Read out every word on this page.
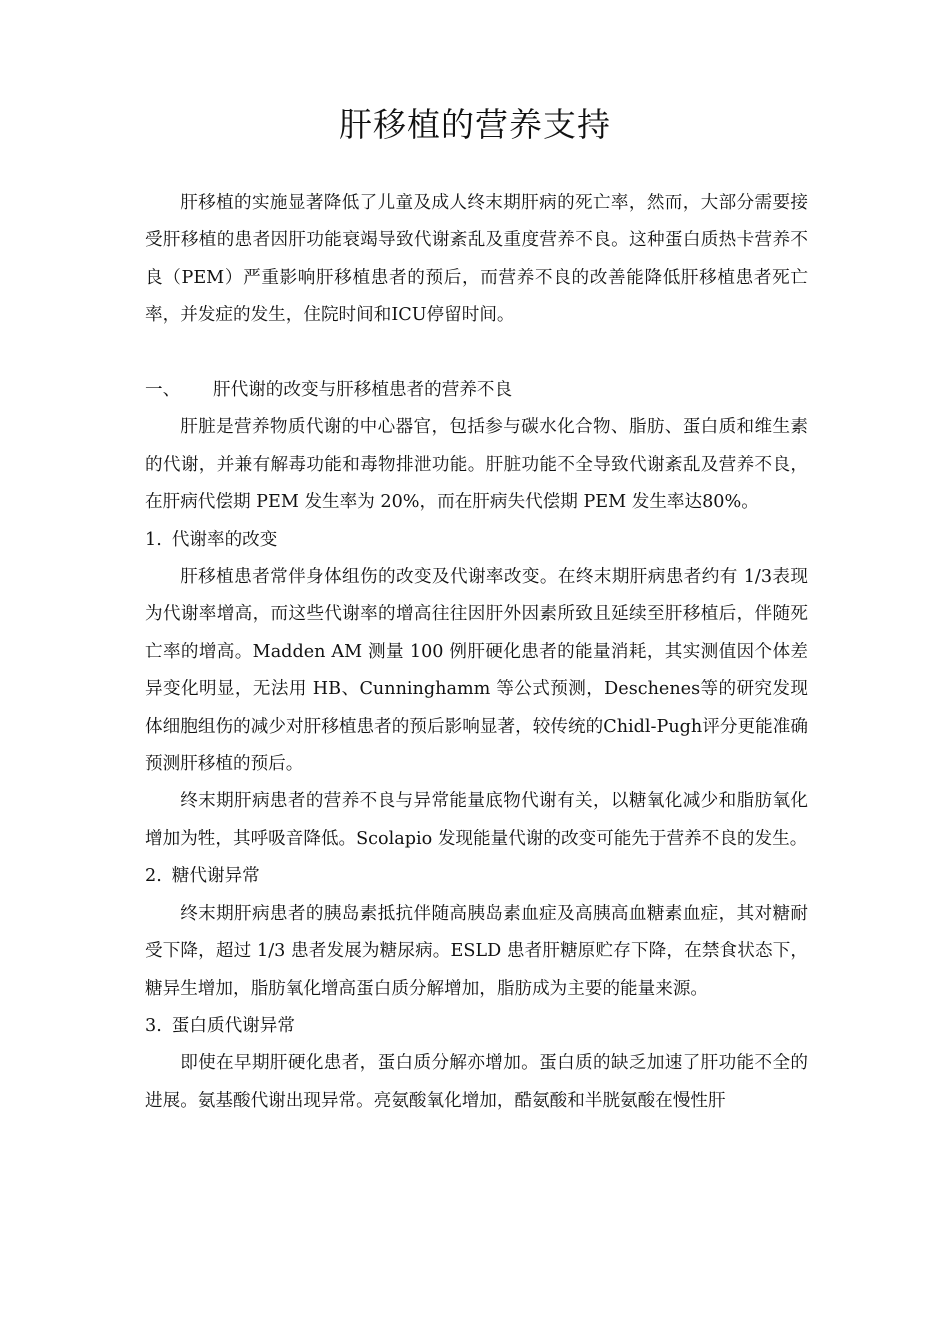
肝移植的营养支持

肝移植的实施显著降低了儿童及成人终末期肝病的死亡率，然而，大部分需要接受肝移植的患者因肝功能衰竭导致代谢紊乱及重度营养不良。这种蛋白质热卡营养不良（PEM）严重影响肝移植患者的预后，而营养不良的改善能降低肝移植患者死亡率，并发症的发生，住院时间和ICU停留时间。

一、 肝代谢的改变与肝移植患者的营养不良

肝脏是营养物质代谢的中心器官，包括参与碳水化合物、脂肪、蛋白质和维生素的代谢，并兼有解毒功能和毒物排泄功能。肝脏功能不全导致代谢紊乱及营养不良，在肝病代偿期 PEM 发生率为 20%，而在肝病失代偿期 PEM 发生率达80%。

1. 代谢率的改变

肝移植患者常伴身体组伤的改变及代谢率改变。在终末期肝病患者约有 1/3表现为代谢率增高，而这些代谢率的增高往往因肝外因素所致且延续至肝移植后，伴随死亡率的增高。Madden AM 测量 100 例肝硬化患者的能量消耗，其实测值因个体差异变化明显，无法用 HB、Cunninghamm 等公式预测，Deschenes等的研究发现体细胞组伤的减少对肝移植患者的预后影响显著，较传统的Chidl-Pugh评分更能准确预测肝移植的预后。

终末期肝病患者的营养不良与异常能量底物代谢有关，以糖氧化减少和脂肪氧化增加为牲，其呼吸音降低。Scolapio 发现能量代谢的改变可能先于营养不良的发生。

2. 糖代谢异常

终末期肝病患者的胰岛素抵抗伴随高胰岛素血症及高胰高血糖素血症，其对糖耐受下降，超过 1/3 患者发展为糖尿病。ESLD 患者肝糖原贮存下降，在禁食状态下，糖异生增加，脂肪氧化增高蛋白质分解增加，脂肪成为主要的能量来源。

3. 蛋白质代谢异常

即使在早期肝硬化患者，蛋白质分解亦增加。蛋白质的缺乏加速了肝功能不全的进展。氨基酸代谢出现异常。亮氨酸氧化增加，酷氨酸和半胱氨酸在慢性肝
